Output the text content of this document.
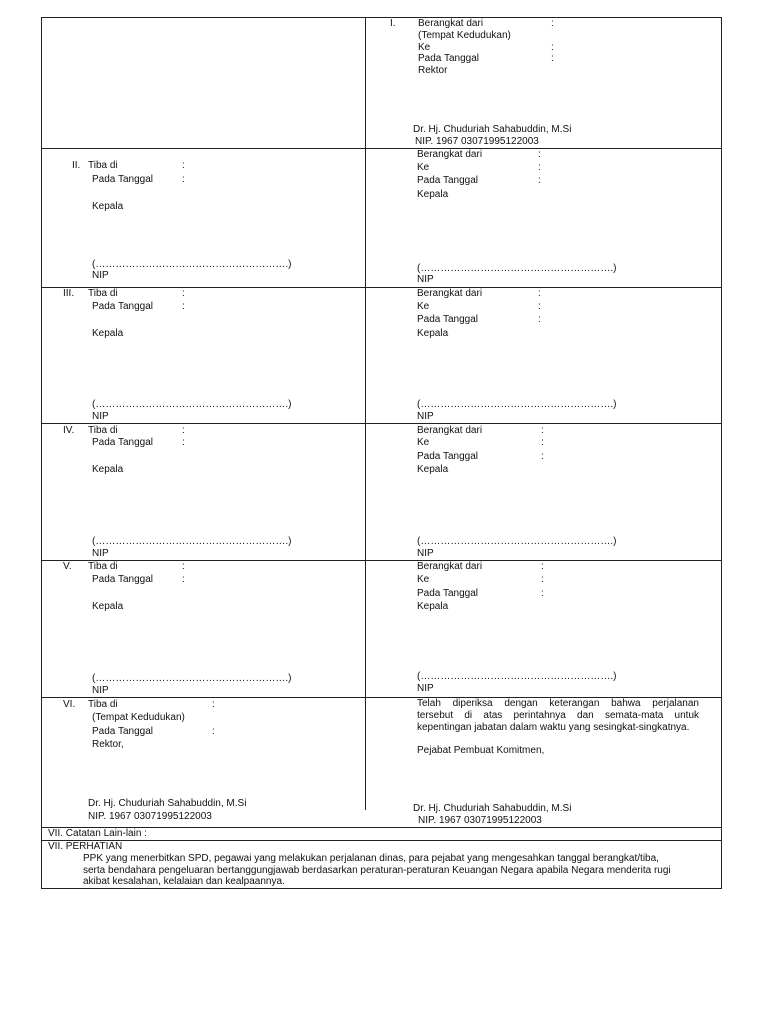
I. Berangkat dari	:
(Tempat Kedudukan)
Ke	:
Pada Tanggal	:
Rektor
Dr. Hj. Chuduriah Sahabuddin, M.Si
NIP. 1967 03071995122003
II. Tiba di	:
Pada Tanggal	:
Kepala
(………………………………………………….)
NIP
Berangkat dari	:
Ke	:
Pada Tanggal	:
Kepala
(………………………………………………….)
NIP
III. Tiba di	:
Pada Tanggal	:
Kepala
(………………………………………………….)
NIP
Berangkat dari	:
Ke	:
Pada Tanggal	:
Kepala
(………………………………………………….)
NIP
IV. Tiba di	:
Pada Tanggal	:
Kepala
(………………………………………………….)
NIP
Berangkat dari	:
Ke	:
Pada Tanggal	:
Kepala
(………………………………………………….)
NIP
V. Tiba di	:
Pada Tanggal	:
Kepala
(………………………………………………….)
NIP
Berangkat dari	:
Ke	:
Pada Tanggal	:
Kepala
(………………………………………………….)
NIP
VI. Tiba di	:
(Tempat Kedudukan)
Pada Tanggal	:
Rektor,
Dr. Hj. Chuduriah Sahabuddin, M.Si
NIP. 1967 03071995122003
Telah diperiksa dengan keterangan bahwa perjalanan
tersebut di atas perintahnya dan semata-mata untuk
kepentingan jabatan dalam waktu yang sesingkat-singkatnya.
Pejabat Pembuat Komitmen,
Dr. Hj. Chuduriah Sahabuddin, M.Si
NIP. 1967 03071995122003
VII. Catatan Lain-lain :
VII. PERHATIAN
PPK yang menerbitkan SPD, pegawai yang melakukan perjalanan dinas, para pejabat yang mengesahkan tanggal berangkat/tiba,
serta bendahara pengeluaran bertanggungjawab berdasarkan peraturan-peraturan Keuangan Negara apabila Negara menderita rugi
akibat kesalahan, kelalaian dan kealpaannya.
